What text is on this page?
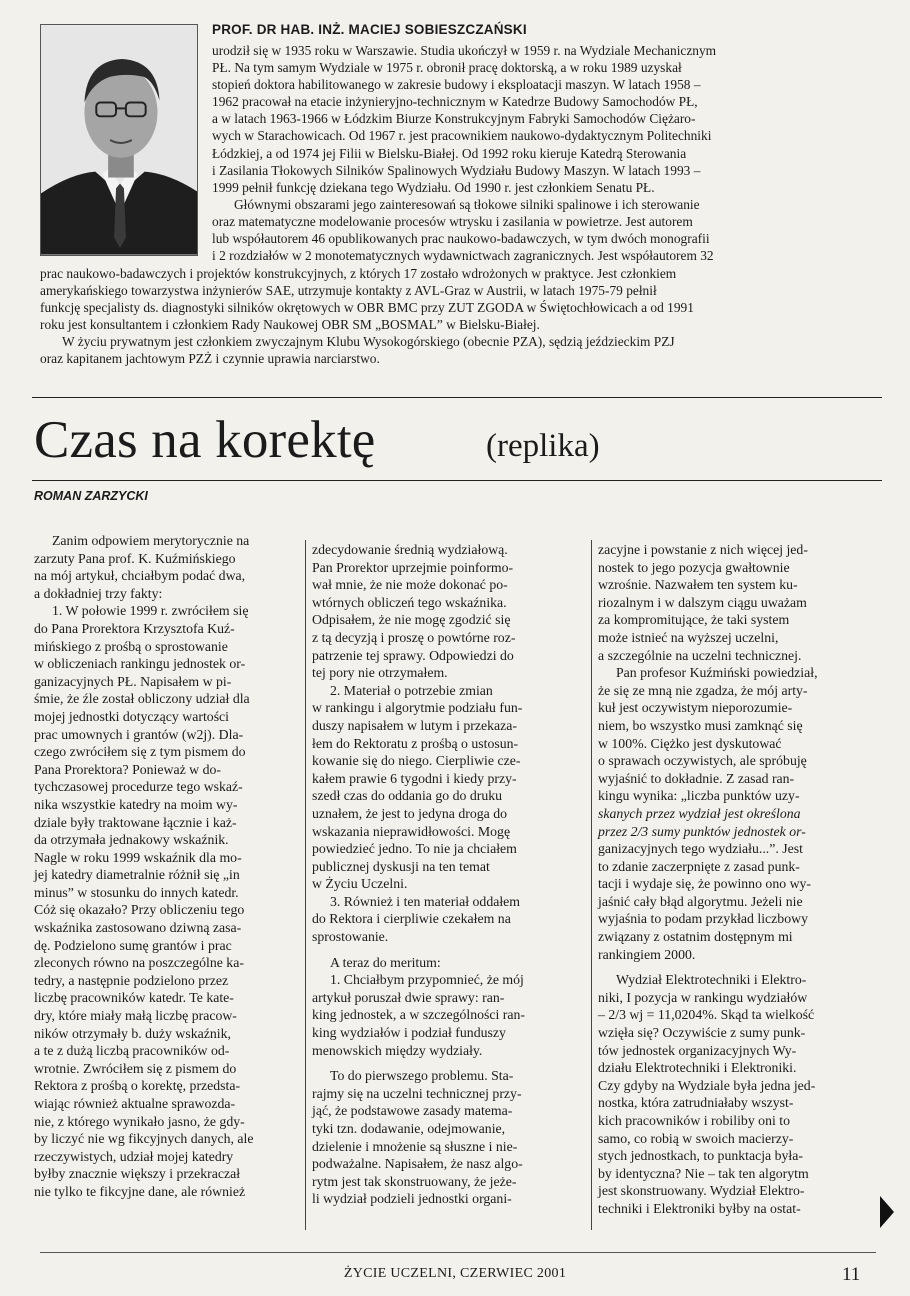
PROF. DR HAB. INŻ. MACIEJ SOBIESZCZAŃSKI
urodził się w 1935 roku w Warszawie. Studia ukończył w 1959 r. na Wydziale Mechanicznym
PŁ. Na tym samym Wydziale w 1975 r. obronił pracę doktorską, a w roku 1989 uzyskał
stopień doktora habilitowanego w zakresie budowy i eksploatacji maszyn. W latach 1958 –
1962 pracował na etacie inżynieryjno-technicznym w Katedrze Budowy Samochodów PŁ,
a w latach 1963-1966 w Łódzkim Biurze Konstrukcyjnym Fabryki Samochodów Ciężaro-
wych w Starachowicach. Od 1967 r. jest pracownikiem naukowo-dydaktycznym Politechniki
Łódzkiej, a od 1974 jej Filii w Bielsku-Białej. Od 1992 roku kieruje Katedrą Sterowania
i Zasilania Tłokowych Silników Spalinowych Wydziału Budowy Maszyn. W latach 1993 –
1999 pełnił funkcję dziekana tego Wydziału. Od 1990 r. jest członkiem Senatu PŁ.
Głównymi obszarami jego zainteresowań są tłokowe silniki spalinowe i ich sterowanie
oraz matematyczne modelowanie procesów wtrysku i zasilania w powietrze. Jest autorem
lub współautorem 46 opublikowanych prac naukowo-badawczych, w tym dwóch monografii
i 2 rozdziałów w 2 monotematycznych wydawnictwach zagranicznych. Jest współautorem 32
prac naukowo-badawczych i projektów konstrukcyjnych, z których 17 zostało wdrożonych w praktyce. Jest członkiem
amerykańskiego towarzystwa inżynierów SAE, utrzymuje kontakty z AVL-Graz w Austrii, w latach 1975-79 pełnił
funkcję specjalisty ds. diagnostyki silników okrętowych w OBR BMC przy ZUT ZGODA w Świętochłowicach a od 1991
roku jest konsultantem i członkiem Rady Naukowej OBR SM „BOSMAL” w Bielsku-Białej.
W życiu prywatnym jest członkiem zwyczajnym Klubu Wysokogórskiego (obecnie PZA), sędzią jeździeckim PZJ
oraz kapitanem jachtowym PZŻ i czynnie uprawia narciarstwo.
Czas na korektę	(replika)
ROMAN ZARZYCKI
Zanim odpowiem merytorycznie na
zarzuty Pana prof. K. Kuźmińskiego
na mój artykuł, chciałbym podać dwa,
a dokładniej trzy fakty:
1. W połowie 1999 r. zwróciłem się
do Pana Prorektora Krzysztofa Kuź-
mińskiego z prośbą o sprostowanie
w obliczeniach rankingu jednostek or-
ganizacyjnych PŁ. Napisałem w pi-
śmie, że źle został obliczony udział dla
mojej jednostki dotyczący wartości
prac umownych i grantów (w2j). Dla-
czego zwróciłem się z tym pismem do
Pana Prorektora? Ponieważ w do-
tychczasowej procedurze tego wskaź-
nika wszystkie katedry na moim wy-
dziale były traktowane łącznie i każ-
da otrzymała jednakowy wskaźnik.
Nagle w roku 1999 wskaźnik dla mo-
jej katedry diametralnie różnił się „in
minus” w stosunku do innych katedr.
Cóż się okazało? Przy obliczeniu tego
wskaźnika zastosowano dziwną zasa-
dę. Podzielono sumę grantów i prac
zleconych równo na poszczególne ka-
tedry, a następnie podzielono przez
liczbę pracowników katedr. Te kate-
dry, które miały małą liczbę pracow-
ników otrzymały b. duży wskaźnik,
a te z dużą liczbą pracowników od-
wrotnie. Zwróciłem się z pismem do
Rektora z prośbą o korektę, przedsta-
wiając również aktualne sprawozda-
nie, z którego wynikało jasno, że gdy-
by liczyć nie wg fikcyjnych danych, ale
rzeczywistych, udział mojej katedry
byłby znacznie większy i przekraczał
nie tylko te fikcyjne dane, ale również
zdecydowanie średnią wydziałową.
Pan Prorektor uprzejmie poinformo-
wał mnie, że nie może dokonać po-
wtórnych obliczeń tego wskaźnika.
Odpisałem, że nie mogę zgodzić się
z tą decyzją i proszę o powtórne roz-
patrzenie tej sprawy. Odpowiedzi do
tej pory nie otrzymałem.
2. Materiał o potrzebie zmian
w rankingu i algorytmie podziału fun-
duszy napisałem w lutym i przekaza-
łem do Rektoratu z prośbą o ustosun-
kowanie się do niego. Cierpliwie cze-
kałem prawie 6 tygodni i kiedy przy-
szedł czas do oddania go do druku
uznałem, że jest to jedyna droga do
wskazania nieprawidłowości. Mogę
powiedzieć jedno. To nie ja chciałem
publicznej dyskusji na ten temat
w Życiu Uczelni.
3. Również i ten materiał oddałem
do Rektora i cierpliwie czekałem na
sprostowanie.
A teraz do meritum:
1. Chciałbym przypomnieć, że mój
artykuł poruszał dwie sprawy: ran-
king jednostek, a w szczególności ran-
king wydziałów i podział funduszy
menowskich między wydziały.
To do pierwszego problemu. Sta-
rajmy się na uczelni technicznej przy-
jąć, że podstawowe zasady matema-
tyki tzn. dodawanie, odejmowanie,
dzielenie i mnożenie są słuszne i nie-
podważalne. Napisałem, że nasz algo-
rytm jest tak skonstruowany, że jeże-
li wydział podzieli jednostki organi-
zacyjne i powstanie z nich więcej jed-
nostek to jego pozycja gwałtownie
wzrośnie. Nazwałem ten system ku-
riozalnym i w dalszym ciągu uważam
za kompromitujące, że taki system
może istnieć na wyższej uczelni,
a szczególnie na uczelni technicznej.
Pan profesor Kuźmiński powiedział,
że się ze mną nie zgadza, że mój arty-
kuł jest oczywistym nieporozumie-
niem, bo wszystko musi zamknąć się
w 100%. Ciężko jest dyskutować
o sprawach oczywistych, ale spróbuję
wyjaśnić to dokładnie. Z zasad ran-
kingu wynika: „liczba punktów uzy-
skanych przez wydział jest określona
przez 2/3 sumy punktów jednostek or-
ganizacyjnych tego wydziału...”. Jest
to zdanie zaczerpnięte z zasad punk-
tacji i wydaje się, że powinno ono wy-
jaśnić cały błąd algorytmu. Jeżeli nie
wyjaśnia to podam przykład liczbowy
związany z ostatnim dostępnym mi
rankingiem 2000.
Wydział Elektrotechniki i Elektro-
niki, I pozycja w rankingu wydziałów
– 2/3 wj = 11,0204%. Skąd ta wielkość
wzięła się? Oczywiście z sumy punk-
tów jednostek organizacyjnych Wy-
działu Elektrotechniki i Elektroniki.
Czy gdyby na Wydziale była jedna jed-
nostka, która zatrudniałaby wszyst-
kich pracowników i robiliby oni to
samo, co robią w swoich macierzy-
stych jednostkach, to punktacja była-
by identyczna? Nie – tak ten algorytm
jest skonstruowany. Wydział Elektro-
techniki i Elektroniki byłby na ostat-
ŻYCIE UCZELNI, CZERWIEC 2001	11
